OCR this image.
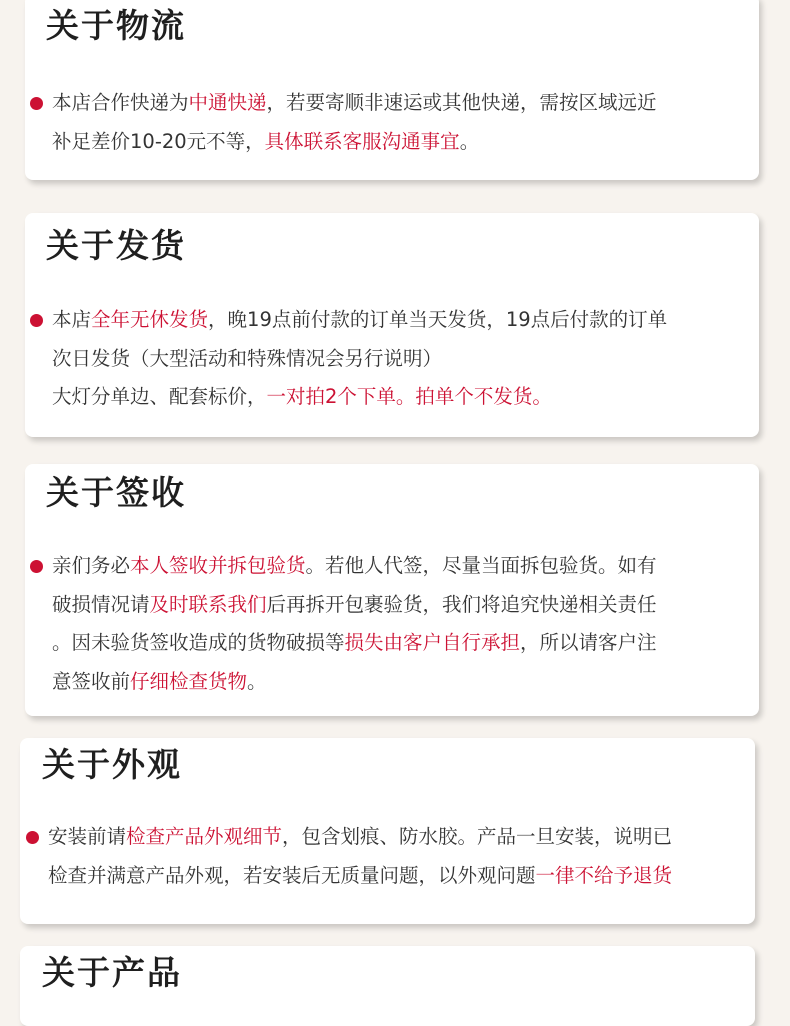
关于物流
本店合作快递为中通快递，若要寄顺非速运或其他快递，需按区域远近
补足差价10-20元不等，具体联系客服沟通事宜。
关于发货
本店全年无休发货，晚19点前付款的订单当天发货，19点后付款的订单
次日发货（大型活动和特殊情况会另行说明）
大灯分单边、配套标价，一对拍2个下单。拍单个不发货。
关于签收
亲们务必本人签收并拆包验货。若他人代签，尽量当面拆包验货。如有
破损情况请及时联系我们后再拆开包裹验货，我们将追究快递相关责任
。因未验货签收造成的货物破损等损失由客户自行承担，所以请客户注
意签收前仔细检查货物。
关于外观
安装前请检查产品外观细节，包含划痕、防水胶。产品一旦安装，说明已
检查并满意产品外观，若安装后无质量问题，以外观问题一律不给予退货
关于产品
